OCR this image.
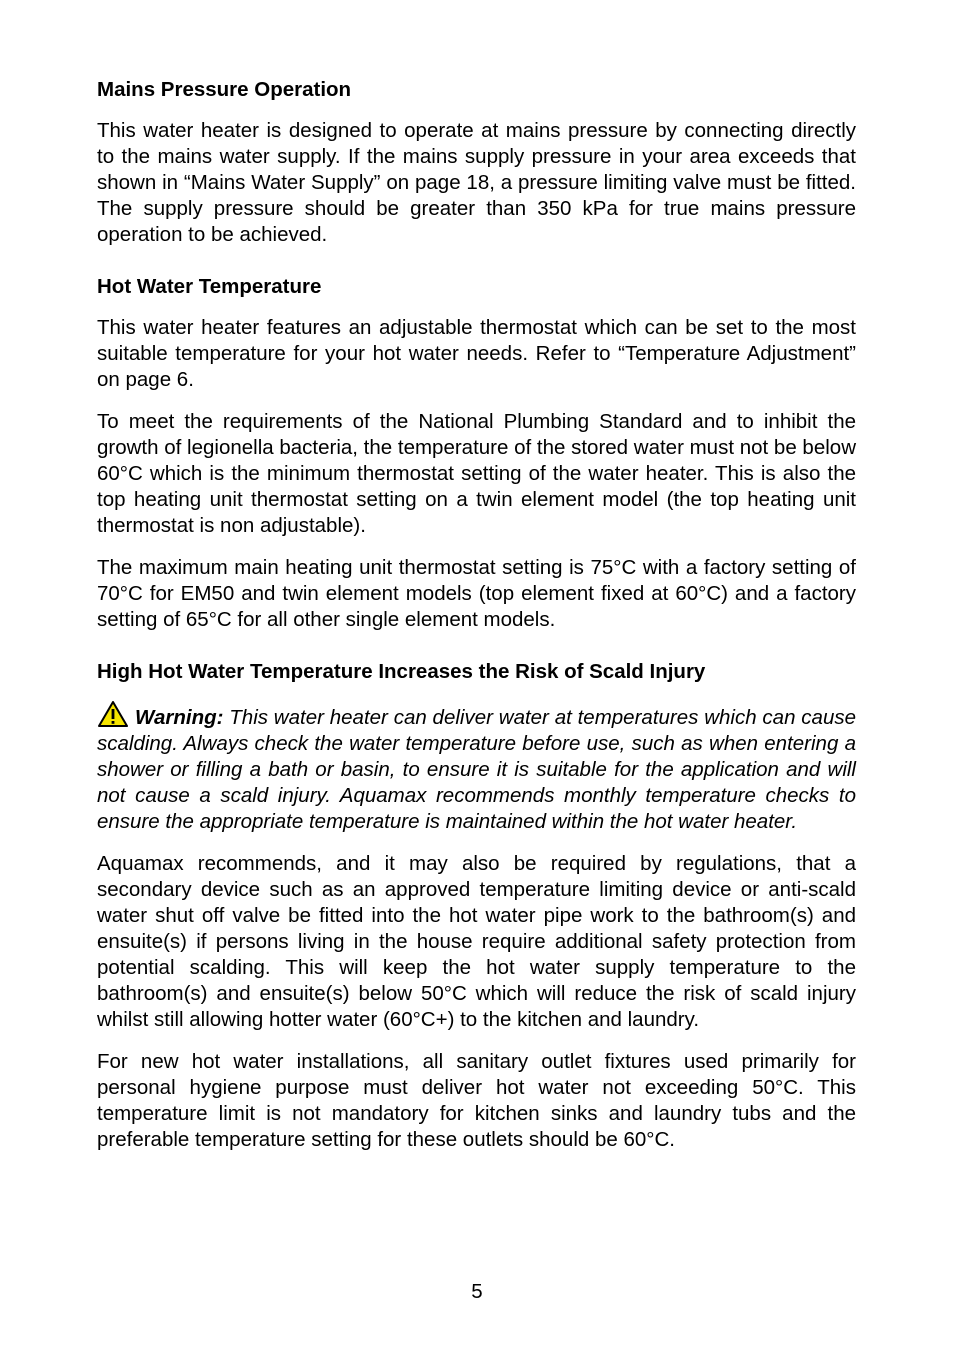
Mains Pressure Operation

This water heater is designed to operate at mains pressure by connecting directly to the mains water supply. If the mains supply pressure in your area exceeds that shown in “Mains Water Supply” on page 18, a pressure limiting valve must be fitted. The supply pressure should be greater than 350 kPa for true mains pressure operation to be achieved.

Hot Water Temperature

This water heater features an adjustable thermostat which can be set to the most suitable temperature for your hot water needs. Refer to “Temperature Adjustment” on page 6.

To meet the requirements of the National Plumbing Standard and to inhibit the growth of legionella bacteria, the temperature of the stored water must not be below 60°C which is the minimum thermostat setting of the water heater. This is also the top heating unit thermostat setting on a twin element model (the top heating unit thermostat is non adjustable).

The maximum main heating unit thermostat setting is 75°C with a factory setting of 70°C for EM50 and twin element models (top element fixed at 60°C) and a factory setting of 65°C for all other single element models.

High Hot Water Temperature Increases the Risk of Scald Injury

Warning: This water heater can deliver water at temperatures which can cause scalding. Always check the water temperature before use, such as when entering a shower or filling a bath or basin, to ensure it is suitable for the application and will not cause a scald injury. Aquamax recommends monthly temperature checks to ensure the appropriate temperature is maintained within the hot water heater.

Aquamax recommends, and it may also be required by regulations, that a secondary device such as an approved temperature limiting device or anti-scald water shut off valve be fitted into the hot water pipe work to the bathroom(s) and ensuite(s) if persons living in the house require additional safety protection from potential scalding. This will keep the hot water supply temperature to the bathroom(s) and ensuite(s) below 50°C which will reduce the risk of scald injury whilst still allowing hotter water (60°C+) to the kitchen and laundry.

For new hot water installations, all sanitary outlet fixtures used primarily for personal hygiene purpose must deliver hot water not exceeding 50°C. This temperature limit is not mandatory for kitchen sinks and laundry tubs and the preferable temperature setting for these outlets should be 60°C.

5
